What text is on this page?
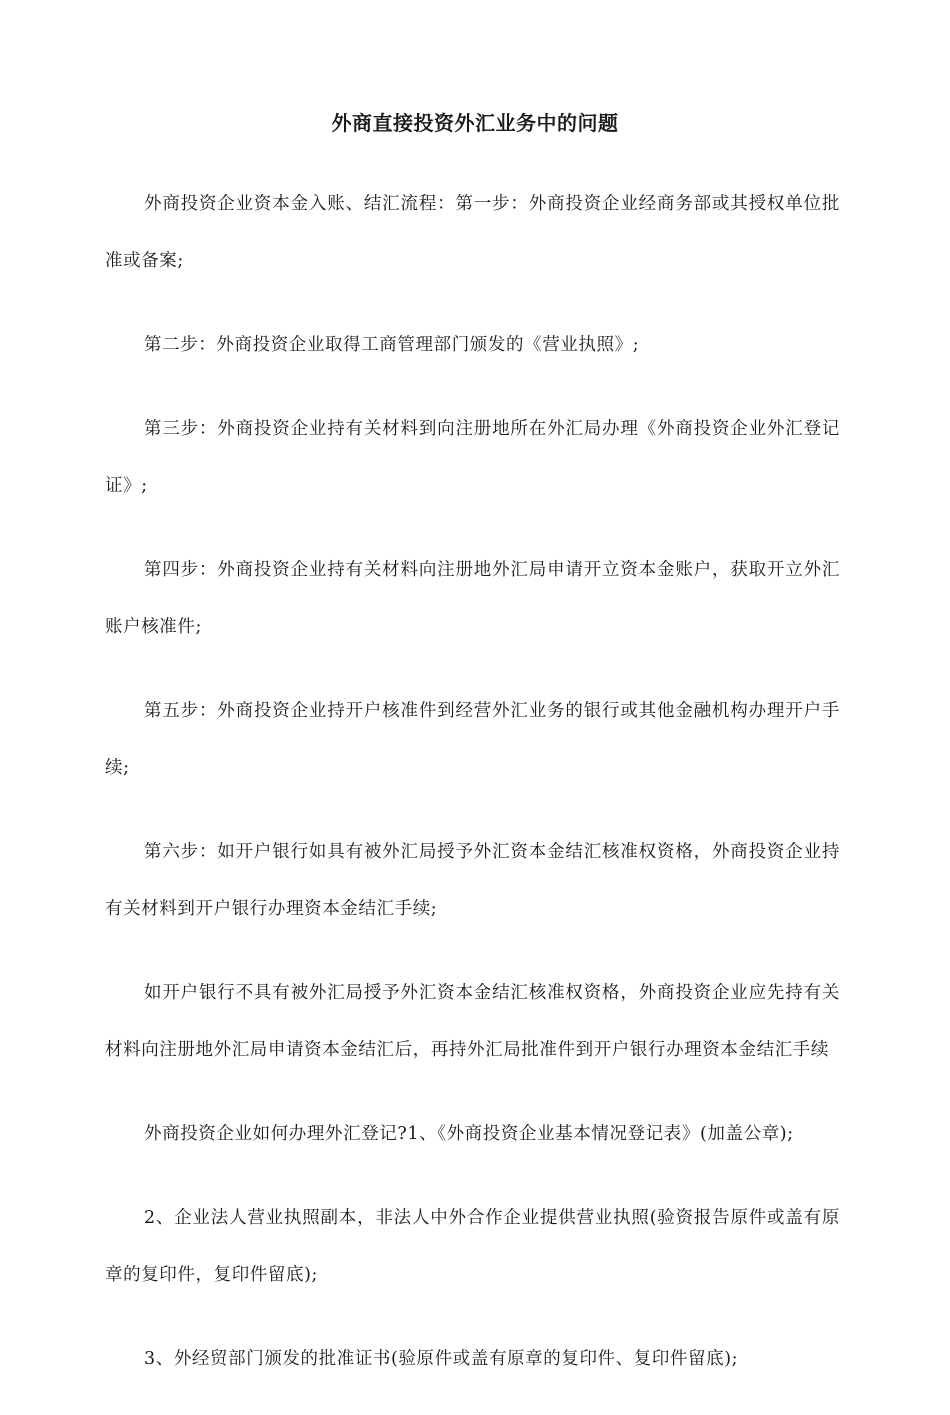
外商直接投资外汇业务中的问题

外商投资企业资本金入账、结汇流程：第一步：外商投资企业经商务部或其授权单位批准或备案;

第二步：外商投资企业取得工商管理部门颁发的《营业执照》;

第三步：外商投资企业持有关材料到向注册地所在外汇局办理《外商投资企业外汇登记证》;

第四步：外商投资企业持有关材料向注册地外汇局申请开立资本金账户，获取开立外汇账户核准件;

第五步：外商投资企业持开户核准件到经营外汇业务的银行或其他金融机构办理开户手续;

第六步：如开户银行如具有被外汇局授予外汇资本金结汇核准权资格，外商投资企业持有关材料到开户银行办理资本金结汇手续;

如开户银行不具有被外汇局授予外汇资本金结汇核准权资格，外商投资企业应先持有关材料向注册地外汇局申请资本金结汇后，再持外汇局批准件到开户银行办理资本金结汇手续

外商投资企业如何办理外汇登记?1、《外商投资企业基本情况登记表》(加盖公章);

2、企业法人营业执照副本，非法人中外合作企业提供营业执照(验资报告原件或盖有原章的复印件，复印件留底);

3、外经贸部门颁发的批准证书(验原件或盖有原章的复印件、复印件留底);
